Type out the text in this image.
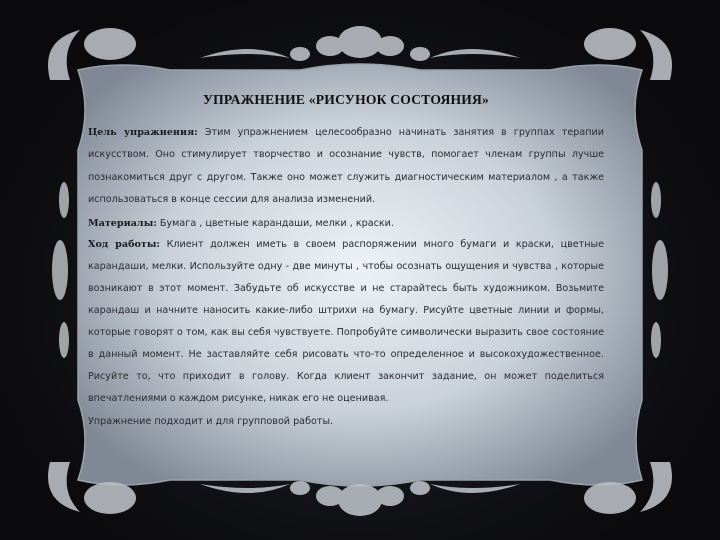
УПРАЖНЕНИЕ «РИСУНОК СОСТОЯНИЯ»

Цель упражнения: Этим упражнением целесообразно начинать занятия в группах терапии искусством. Оно стимулирует творчество и осознание чувств, помогает членам группы лучше познакомиться друг с другом. Также оно может служить диагностическим материалом , а также использоваться в конце сессии для анализа изменений.

Материалы: Бумага , цветные карандаши, мелки , краски.

Ход работы: Клиент должен иметь в своем распоряжении много бумаги и краски, цветные карандаши, мелки. Используйте одну - две минуты , чтобы осознать ощущения и чувства , которые возникают в этот момент. Забудьте об искусстве и не старайтесь быть художником. Возьмите карандаш и начните наносить какие-либо штрихи на бумагу. Рисуйте цветные линии и формы, которые говорят о том, как вы себя чувствуете. Попробуйте символически выразить свое состояние в данный момент. Не заставляйте себя рисовать что-то определенное и высокохудожественное. Рисуйте то, что приходит в голову. Когда клиент закончит задание, он может поделиться впечатлениями о каждом рисунке, никак его не оценивая.

Упражнение подходит и для групповой работы.
